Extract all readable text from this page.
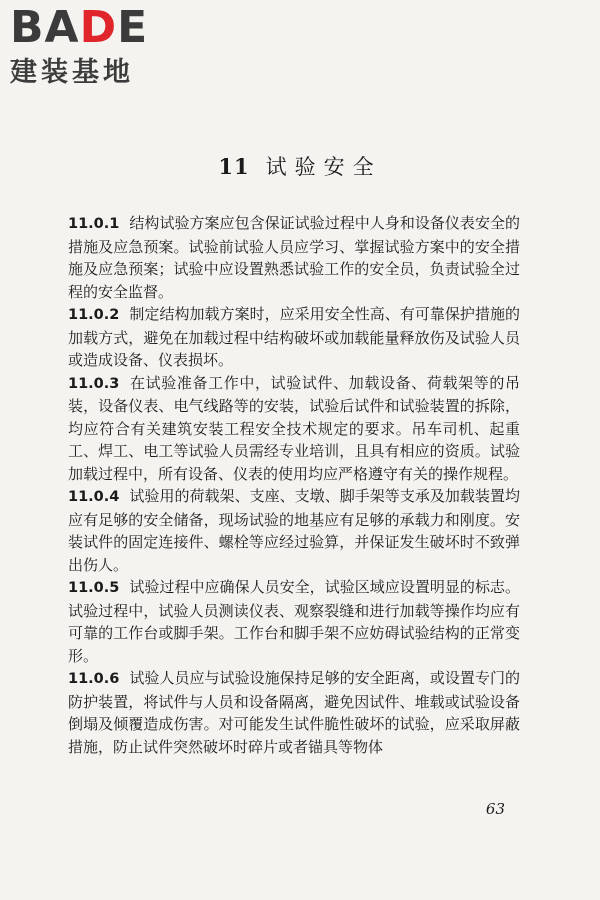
BADE
建装基地
11 试验安全

11.0.1 结构试验方案应包含保证试验过程中人身和设备仪表安全的措施及应急预案。试验前试验人员应学习、掌握试验方案中的安全措施及应急预案；试验中应设置熟悉试验工作的安全员，负责试验全过程的安全监督。

11.0.2 制定结构加载方案时，应采用安全性高、有可靠保护措施的加载方式，避免在加载过程中结构破坏或加载能量释放伤及试验人员或造成设备、仪表损坏。

11.0.3 在试验准备工作中，试验试件、加载设备、荷载架等的吊装，设备仪表、电气线路等的安装，试验后试件和试验装置的拆除，均应符合有关建筑安装工程安全技术规定的要求。吊车司机、起重工、焊工、电工等试验人员需经专业培训，且具有相应的资质。试验加载过程中，所有设备、仪表的使用均应严格遵守有关的操作规程。

11.0.4 试验用的荷载架、支座、支墩、脚手架等支承及加载装置均应有足够的安全储备，现场试验的地基应有足够的承载力和刚度。安装试件的固定连接件、螺栓等应经过验算，并保证发生破坏时不致弹出伤人。

11.0.5 试验过程中应确保人员安全，试验区域应设置明显的标志。试验过程中，试验人员测读仪表、观察裂缝和进行加载等操作均应有可靠的工作台或脚手架。工作台和脚手架不应妨碍试验结构的正常变形。

11.0.6 试验人员应与试验设施保持足够的安全距离，或设置专门的防护装置，将试件与人员和设备隔离，避免因试件、堆载或试验设备倒塌及倾覆造成伤害。对可能发生试件脆性破坏的试验，应采取屏蔽措施，防止试件突然破坏时碎片或者锚具等物体

63
